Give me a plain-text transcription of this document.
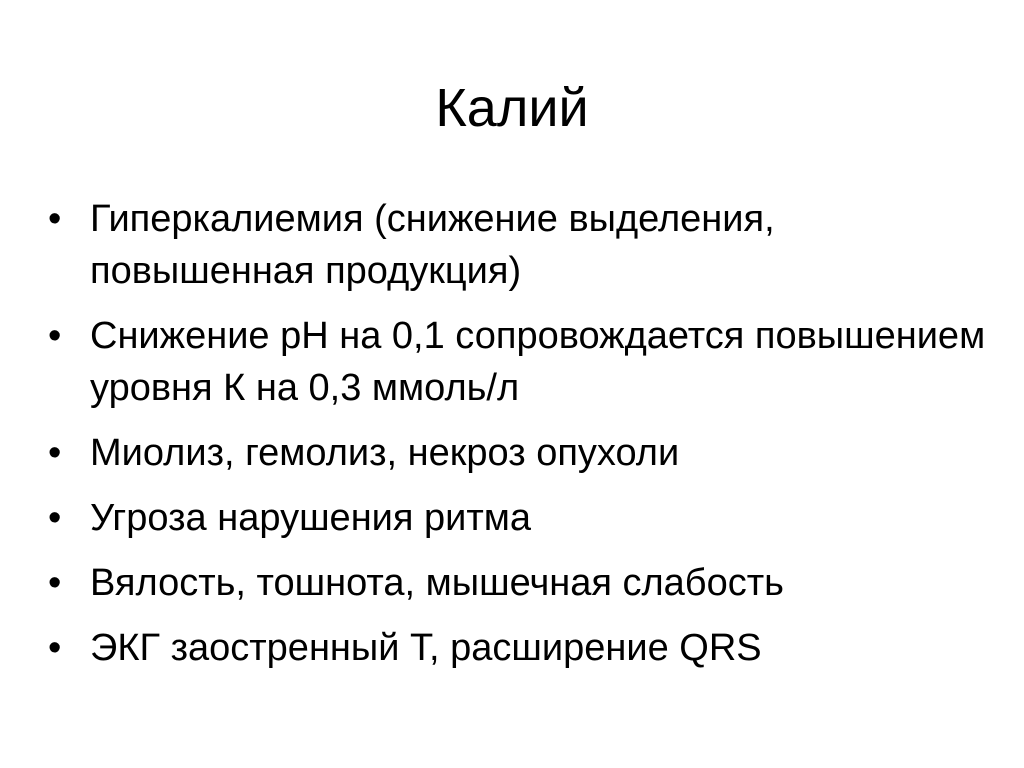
Калий
• Гиперкалиемия (снижение выделения, повышенная продукция)
• Снижение pH на 0,1 сопровождается повышением уровня К на 0,3 ммоль/л
• Миолиз, гемолиз, некроз опухоли
• Угроза нарушения ритма
• Вялость, тошнота, мышечная слабость
• ЭКГ заостренный Т, расширение QRS
